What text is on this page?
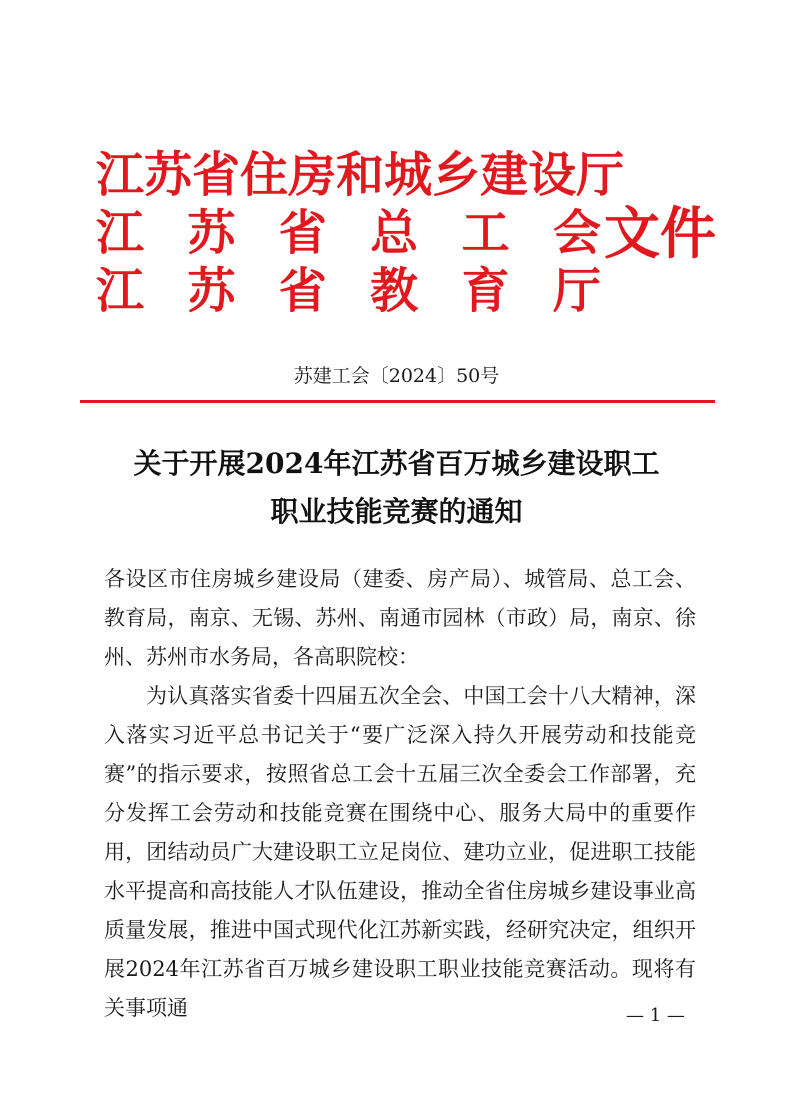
江 苏 省 住 房 和 城 乡 建 设 厅
江 苏 省 总 工 会
江 苏 省 教 育 厅
文件
苏建工会〔2024〕50号
关于开展2024年江苏省百万城乡建设职工
职业技能竞赛的通知

各设区市住房城乡建设局（建委、房产局）、城管局、总工会、教育局，南京、无锡、苏州、南通市园林（市政）局，南京、徐州、苏州市水务局，各高职院校：

为认真落实省委十四届五次全会、中国工会十八大精神，深入落实习近平总书记关于“要广泛深入持久开展劳动和技能竞赛”的指示要求，按照省总工会十五届三次全委会工作部署，充分发挥工会劳动和技能竞赛在围绕中心、服务大局中的重要作用，团结动员广大建设职工立足岗位、建功立业，促进职工技能水平提高和高技能人才队伍建设，推动全省住房城乡建设事业高质量发展，推进中国式现代化江苏新实践，经研究决定，组织开展2024年江苏省百万城乡建设职工职业技能竞赛活动。现将有关事项通	— 1 —
